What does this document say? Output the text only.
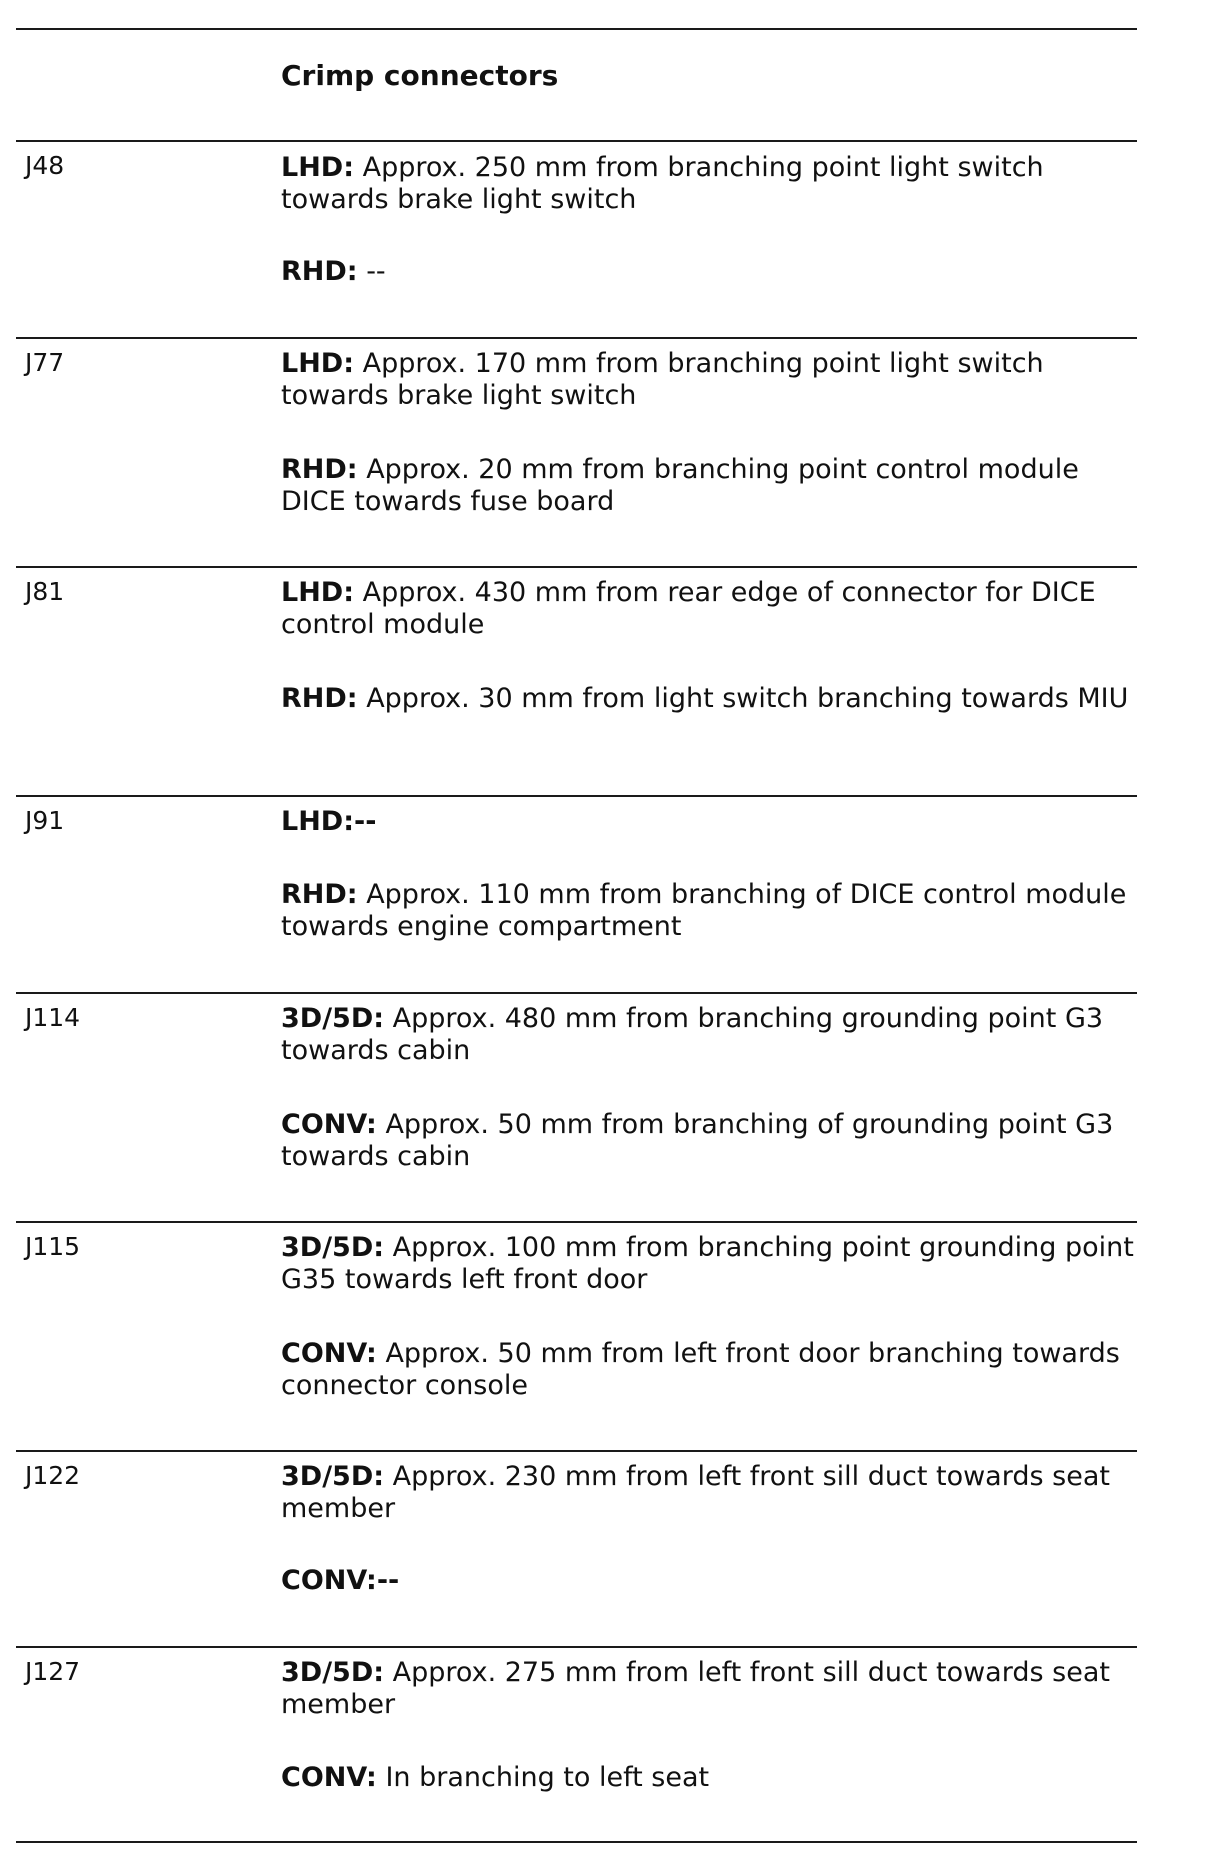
Crimp connectors
J48	LHD: Approx. 250 mm from branching point light switch towards brake light switch

RHD: --

J77	LHD: Approx. 170 mm from branching point light switch towards brake light switch

RHD: Approx. 20 mm from branching point control module DICE towards fuse board

J81	LHD: Approx. 430 mm from rear edge of connector for DICE control module

RHD: Approx. 30 mm from light switch branching towards MIU

J91	LHD:--

RHD: Approx. 110 mm from branching of DICE control module towards engine compartment

J114	3D/5D: Approx. 480 mm from branching grounding point G3 towards cabin

CONV: Approx. 50 mm from branching of grounding point G3 towards cabin

J115	3D/5D: Approx. 100 mm from branching point grounding point G35 towards left front door

CONV: Approx. 50 mm from left front door branching towards connector console

J122	3D/5D: Approx. 230 mm from left front sill duct towards seat member

CONV:--

J127	3D/5D: Approx. 275 mm from left front sill duct towards seat member

CONV: In branching to left seat
